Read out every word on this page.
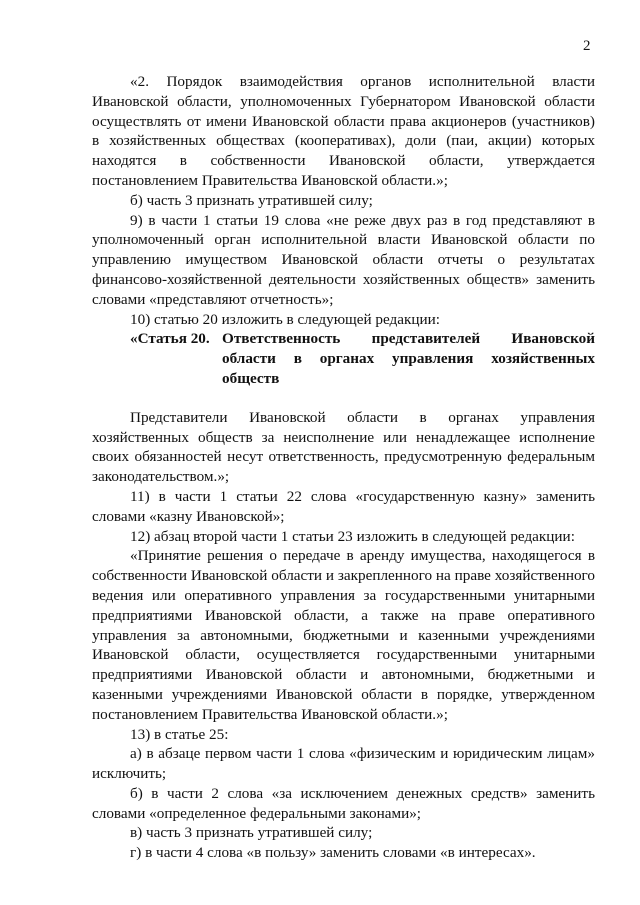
2

«2. Порядок взаимодействия органов исполнительной власти Ивановской области, уполномоченных Губернатором Ивановской области осуществлять от имени Ивановской области права акционеров (участников) в хозяйственных обществах (кооперативах), доли (паи, акции) которых находятся в собственности Ивановской области, утверждается постановлением Правительства Ивановской области.»;

б) часть 3 признать утратившей силу;

9) в части 1 статьи 19 слова «не реже двух раз в год представляют в уполномоченный орган исполнительной власти Ивановской области по управлению имуществом Ивановской области отчеты о результатах финансово-хозяйственной деятельности хозяйственных обществ» заменить словами «представляют отчетность»;

10) статью 20 изложить в следующей редакции:

«Статья 20. Ответственность представителей Ивановской области в органах управления хозяйственных обществ

Представители Ивановской области в органах управления хозяйственных обществ за неисполнение или ненадлежащее исполнение своих обязанностей несут ответственность, предусмотренную федеральным законодательством.»;

11) в части 1 статьи 22 слова «государственную казну» заменить словами «казну Ивановской»;

12) абзац второй части 1 статьи 23 изложить в следующей редакции:

«Принятие решения о передаче в аренду имущества, находящегося в собственности Ивановской области и закрепленного на праве хозяйственного ведения или оперативного управления за государственными унитарными предприятиями Ивановской области, а также на праве оперативного управления за автономными, бюджетными и казенными учреждениями Ивановской области, осуществляется государственными унитарными предприятиями Ивановской области и автономными, бюджетными и казенными учреждениями Ивановской области в порядке, утвержденном постановлением Правительства Ивановской области.»;

13) в статье 25:

а) в абзаце первом части 1 слова «физическим и юридическим лицам» исключить;

б) в части 2 слова «за исключением денежных средств» заменить словами «определенное федеральными законами»;

в) часть 3 признать утратившей силу;

г) в части 4 слова «в пользу» заменить словами «в интересах».
